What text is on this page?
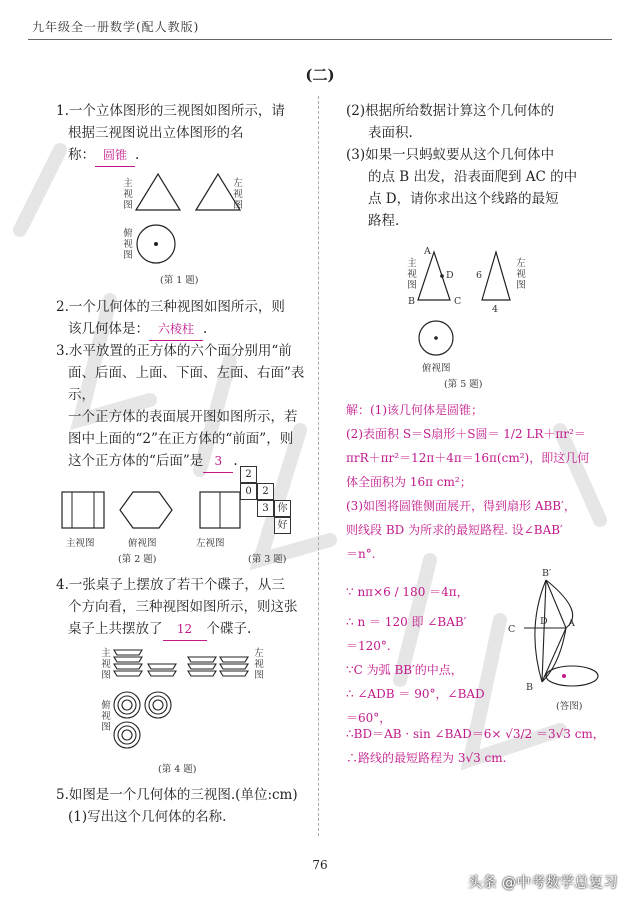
九年级全一册数学(配人教版)
(二)
1.一个立体图形的三视图如图所示，请
根据三视图说出立体图形的名
称： 圆锥 .
主视图
左视图
俯视图
(第 1 题)
2.一个几何体的三种视图如图所示，则
该几何体是： 六棱柱 .
3.水平放置的正方体的六个面分别用“前
面、后面、上面、下面、左面、右面”表示，
一个正方体的表面展开图如图所示，若
图中上面的“2”在正方体的“前面”，则
这个正方体的“后面”是 3 .
主视图	俯视图	左视图
(第 2 题)
2
0	2
3 你
好
(第 3 题)
4.一张桌子上摆放了若干个碟子，从三
个方向看，三种视图如图所示，则这张
桌子上共摆放了 12 个碟子.
主视图
左视图
俯视图
(第 4 题)
5.如图是一个几何体的三视图.(单位:cm)
(1)写出这个几何体的名称.
(2)根据所给数据计算这个几何体的
表面积.
(3)如果一只蚂蚁要从这个几何体中
的点 B 出发，沿表面爬到 AC 的中
点 D，请你求出这个线路的最短
路程.
主视图
A
B	C
D 6
4
左视图
俯视图
(第 5 题)
解：(1)该几何体是圆锥；
(2)表面积 S＝S扇形＋S圆＝ 1/2 LR＋πr²＝
πrR＋πr²＝12π＋4π＝16π(cm²)，即这几何
体全面积为 16π cm²；
(3)如图将圆锥侧面展开，得到扇形 ABB′，
则线段 BD 为所求的最短路程. 设∠BAB′
＝n°.
∵ nπ×6 / 180 ＝4π，
∴ n ＝ 120 即 ∠BAB′
＝120°.
∵C 为弧 BB′的中点，
∴ ∠ADB ＝ 90°，∠BAD
＝60°，
∴BD＝AB · sin ∠BAD＝6× √3/2 ＝3√3 cm，
∴路线的最短路程为 3√3 cm.
B′
C
D A
B
(答图)
76
头条 @中考数学总复习
